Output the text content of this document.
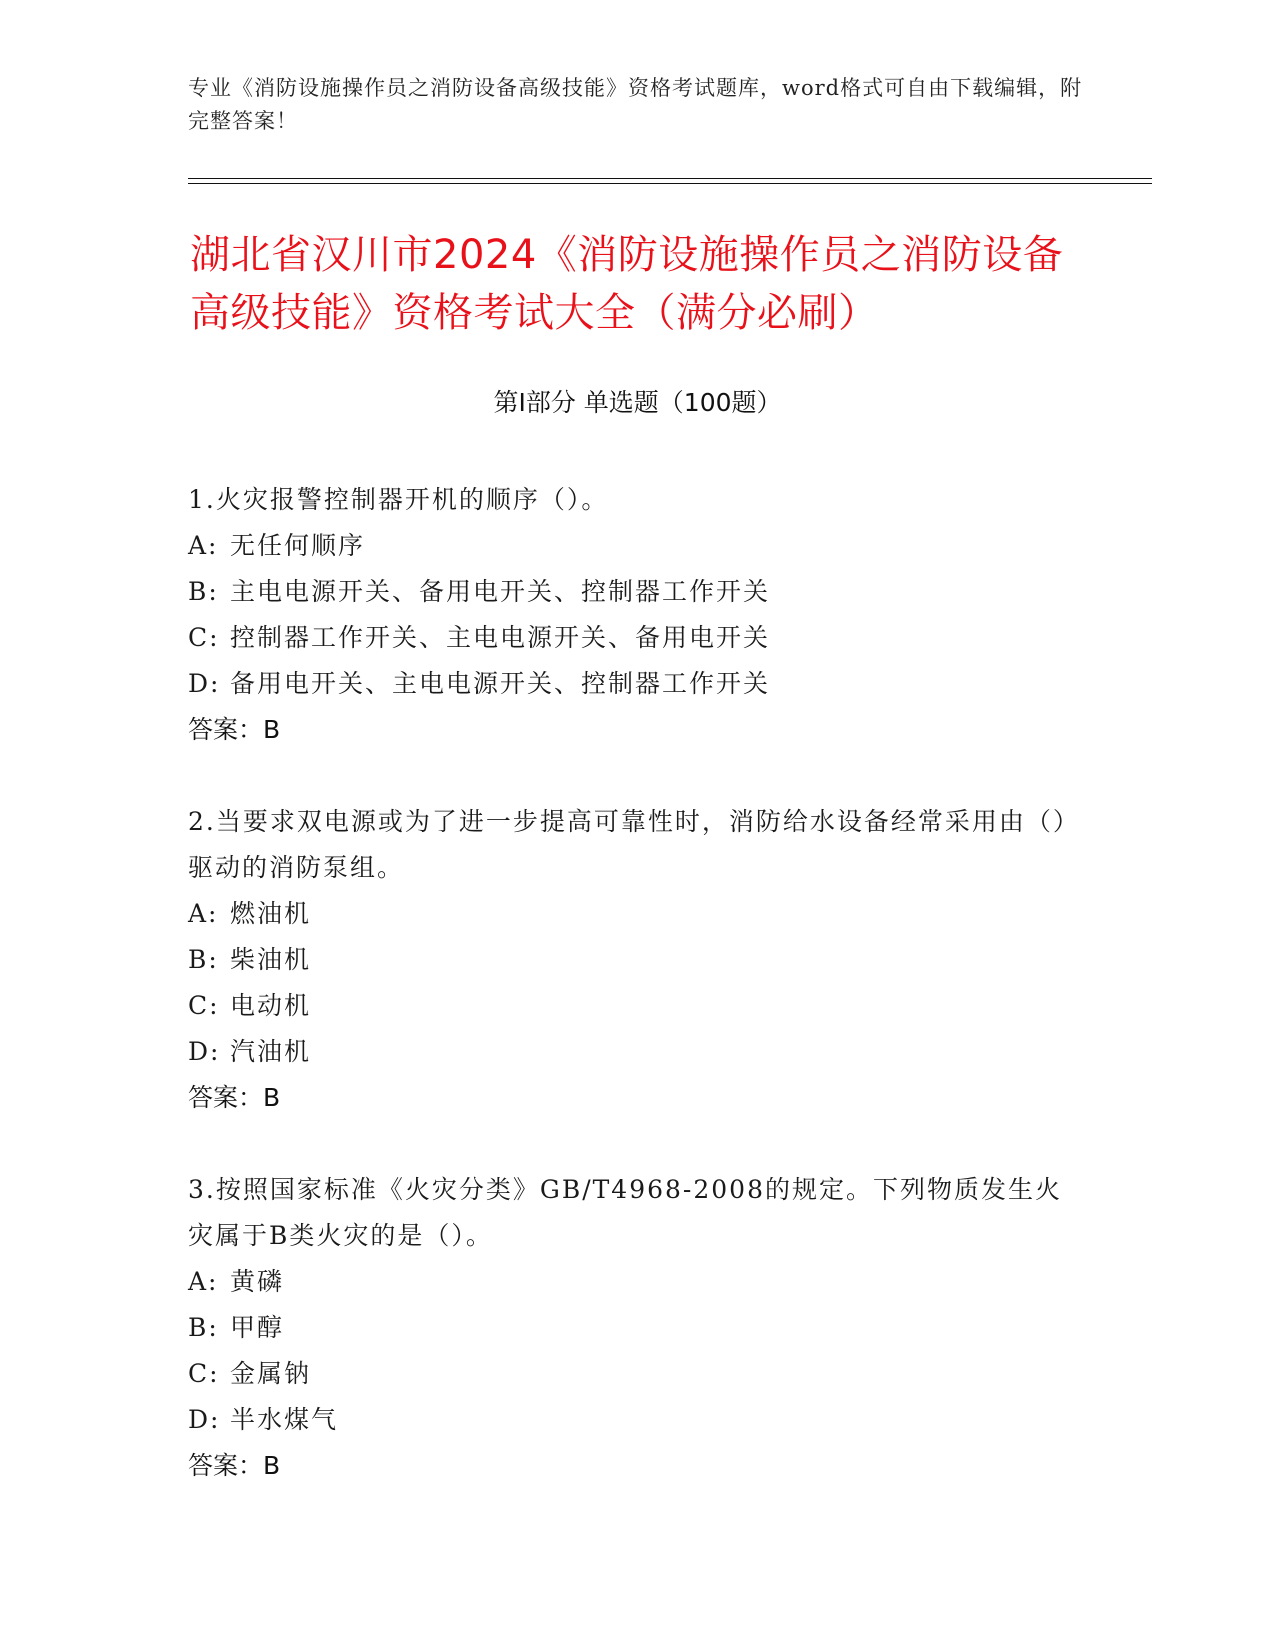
专业《消防设施操作员之消防设备高级技能》资格考试题库，word格式可自由下载编辑，附完整答案！
湖北省汉川市2024《消防设施操作员之消防设备高级技能》资格考试大全（满分必刷）
第I部分 单选题（100题）
1.火灾报警控制器开机的顺序（）。
A: 无任何顺序
B: 主电电源开关、备用电开关、控制器工作开关
C: 控制器工作开关、主电电源开关、备用电开关
D: 备用电开关、主电电源开关、控制器工作开关
答案：B
2.当要求双电源或为了进一步提高可靠性时，消防给水设备经常采用由（）驱动的消防泵组。
A: 燃油机
B: 柴油机
C: 电动机
D: 汽油机
答案：B
3.按照国家标准《火灾分类》GB/T4968-2008的规定。下列物质发生火灾属于B类火灾的是（）。
A: 黄磷
B: 甲醇
C: 金属钠
D: 半水煤气
答案：B
